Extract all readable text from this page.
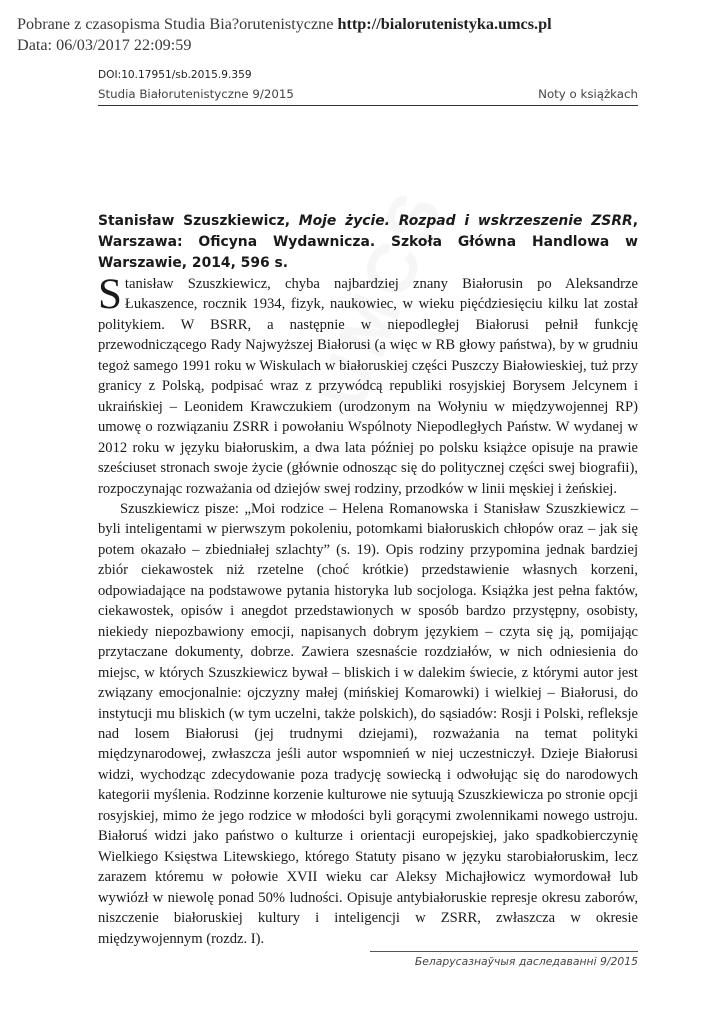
Pobrane z czasopisma Studia Bia?orutenistyczne http://bialorutenistyka.umcs.pl
Data: 06/03/2017 22:09:59
DOI:10.17951/sb.2015.9.359
Studia Białorutenistyczne 9/2015	Noty o książkach
Stanisław Szuszkiewicz, Moje życie. Rozpad i wskrzeszenie ZSRR, Warszawa: Oficyna Wydawnicza. Szkoła Główna Handlowa w Warszawie, 2014, 596 s.

Stanisław Szuszkiewicz, chyba najbardziej znany Białorusin po Aleksandrze Łukaszence, rocznik 1934, fizyk, naukowiec, w wieku pięćdziesięciu kilku lat został politykiem. W BSRR, a następnie w niepodległej Białorusi pełnił funkcję przewodniczącego Rady Najwyższej Białorusi (a więc w RB głowy państwa), by w grudniu tegoż samego 1991 roku w Wiskulach w białoruskiej części Puszczy Białowieskiej, tuż przy granicy z Polską, podpisać wraz z przywódcą republiki rosyjskiej Borysem Jelcynem i ukraińskiej – Leonidem Krawczukiem (urodzonym na Wołyniu w międzywojennej RP) umowę o rozwiązaniu ZSRR i powołaniu Wspólnoty Niepodległych Państw. W wydanej w 2012 roku w języku białoruskim, a dwa lata później po polsku książce opisuje na prawie sześciuset stronach swoje życie (głównie odnosząc się do politycznej części swej biografii), rozpoczynając rozważania od dziejów swej rodziny, przodków w linii męskiej i żeńskiej.

Szuszkiewicz pisze: „Moi rodzice – Helena Romanowska i Stanisław Szuszkiewicz – byli inteligentami w pierwszym pokoleniu, potomkami białoruskich chłopów oraz – jak się potem okazało – zbiedniałej szlachty” (s. 19). Opis rodziny przypomina jednak bardziej zbiór ciekawostek niż rzetelne (choć krótkie) przedstawienie własnych korzeni, odpowiadające na podstawowe pytania historyka lub socjologa. Książka jest pełna faktów, ciekawostek, opisów i anegdot przedstawionych w sposób bardzo przystępny, osobisty, niekiedy niepozbawiony emocji, napisanych dobrym językiem – czyta się ją, pomijając przytaczane dokumenty, dobrze. Zawiera szesnaście rozdziałów, w nich odniesienia do miejsc, w których Szuszkiewicz bywał – bliskich i w dalekim świecie, z którymi autor jest związany emocjonalnie: ojczyzny małej (mińskiej Komarowki) i wielkiej – Białorusi, do instytucji mu bliskich (w tym uczelni, także polskich), do sąsiadów: Rosji i Polski, refleksje nad losem Białorusi (jej trudnymi dziejami), rozważania na temat polityki międzynarodowej, zwłaszcza jeśli autor wspomnień w niej uczestniczył. Dzieje Białorusi widzi, wychodząc zdecydowanie poza tradycję sowiecką i odwołując się do narodowych kategorii myślenia. Rodzinne korzenie kulturowe nie sytuują Szuszkiewicza po stronie opcji rosyjskiej, mimo że jego rodzice w młodości byli gorącymi zwolennikami nowego ustroju. Białoruś widzi jako państwo o kulturze i orientacji europejskiej, jako spadkobierczynię Wielkiego Księstwa Litewskiego, którego Statuty pisano w języku starobiałoruskim, lecz zarazem któremu w połowie XVII wieku car Aleksy Michajłowicz wymordował lub wywiózł w niewolę ponad 50% ludności. Opisuje antybiałoruskie represje okresu zaborów, niszczenie białoruskiej kultury i inteligencji w ZSRR, zwłaszcza w okresie międzywojennym (rozdz. I).

Беларусазнаўчыя даследаванні 9/2015
